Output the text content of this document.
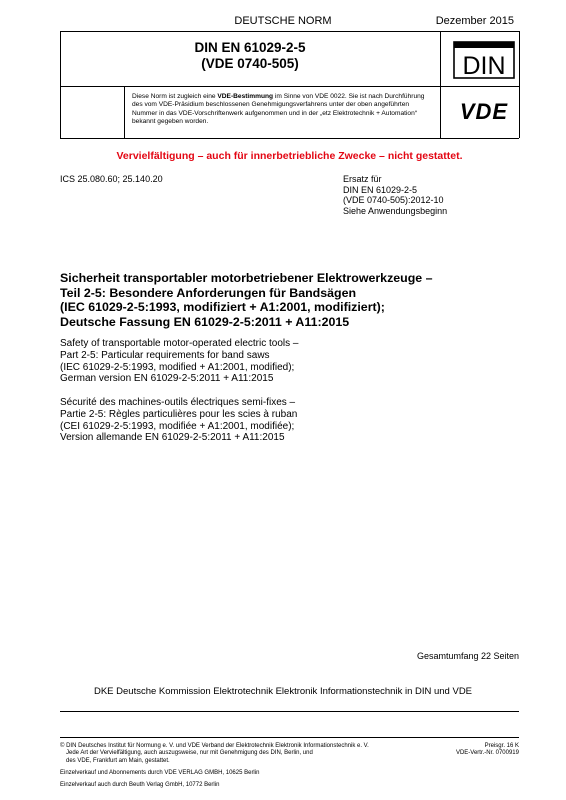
DEUTSCHE NORM	Dezember 2015
DIN EN 61029-2-5
(VDE 0740-505)	DIN
Diese Norm ist zugleich eine VDE-Bestimmung im Sinne von VDE 0022. Sie ist nach Durchführung des vom VDE-Präsidium beschlossenen Genehmigungsverfahrens unter der oben angeführten Nummer in das VDE-Vorschriftenwerk aufgenommen und in der „etz Elektrotechnik + Automation“ bekannt gegeben worden.	VDE
Vervielfältigung – auch für innerbetriebliche Zwecke – nicht gestattet.
ICS 25.080.60; 25.140.20	Ersatz für
DIN EN 61029-2-5
(VDE 0740-505):2012-10
Siehe Anwendungsbeginn
Sicherheit transportabler motorbetriebener Elektrowerkzeuge –
Teil 2-5: Besondere Anforderungen für Bandsägen
(IEC 61029-2-5:1993, modifiziert + A1:2001, modifiziert);
Deutsche Fassung EN 61029-2-5:2011 + A11:2015
Safety of transportable motor-operated electric tools –
Part 2-5: Particular requirements for band saws
(IEC 61029-2-5:1993, modified + A1:2001, modified);
German version EN 61029-2-5:2011 + A11:2015
Sécurité des machines-outils électriques semi-fixes –
Partie 2-5: Règles particulières pour les scies à ruban
(CEI 61029-2-5:1993, modifiée + A1:2001, modifiée);
Version allemande EN 61029-2-5:2011 + A11:2015
Gesamtumfang 22 Seiten
DKE Deutsche Kommission Elektrotechnik Elektronik Informationstechnik in DIN und VDE
© DIN Deutsches Institut für Normung e. V. und VDE Verband der Elektrotechnik Elektronik Informationstechnik e. V.
Jede Art der Vervielfältigung, auch auszugsweise, nur mit Genehmigung des DIN, Berlin, und
des VDE, Frankfurt am Main, gestattet.
Preisgr. 16 K
VDE-Vertr.-Nr. 0700919
Einzelverkauf und Abonnements durch VDE VERLAG GMBH, 10625 Berlin
Einzelverkauf auch durch Beuth Verlag GmbH, 10772 Berlin
